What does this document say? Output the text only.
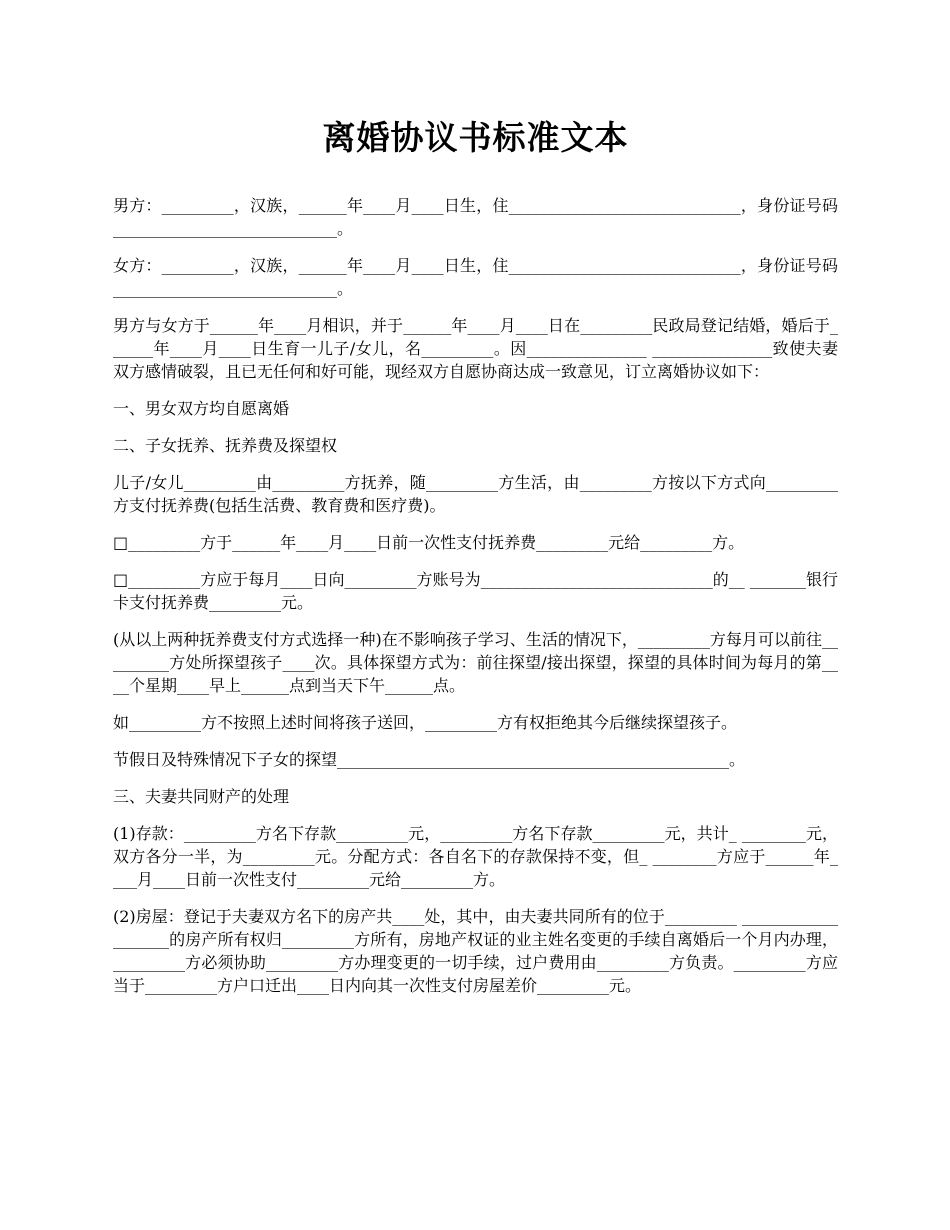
离婚协议书标准文本

男方：_________，汉族，______年____月____日生，住_____________________________，身份证号码____________________________。

女方：_________，汉族，______年____月____日生，住_____________________________，身份证号码____________________________。

男方与女方于______年____月相识，并于______年____月____日在_________民政局登记结婚，婚后于______年____月____日生育一儿子/女儿，名_________。因_______________ _______________致使夫妻双方感情破裂，且已无任何和好可能，现经双方自愿协商达成一致意见，订立离婚协议如下：

一、男女双方均自愿离婚

二、子女抚养、抚养费及探望权

儿子/女儿_________由_________方抚养，随_________方生活，由_________方按以下方式向_________方支付抚养费(包括生活费、教育费和医疗费)。

□_________方于______年____月____日前一次性支付抚养费_________元给_________方。

□_________方应于每月____日向_________方账号为_____________________________的__ _______银行卡支付抚养费_________元。

(从以上两种抚养费支付方式选择一种)在不影响孩子学习、生活的情况下，_________方每月可以前往_________方处所探望孩子____次。具体探望方式为：前往探望/接出探望，探望的具体时间为每月的第____个星期____早上______点到当天下午______点。

如_________方不按照上述时间将孩子送回，_________方有权拒绝其今后继续探望孩子。

节假日及特殊情况下子女的探望_________________________________________________。

三、夫妻共同财产的处理

(1)存款：_________方名下存款_________元，_________方名下存款_________元，共计_ ________元，双方各分一半，为_________元。分配方式：各自名下的存款保持不变，但_ ________方应于______年____月____日前一次性支付_________元给_________方。

(2)房屋：登记于夫妻双方名下的房产共____处，其中，由夫妻共同所有的位于_________ ___________________的房产所有权归_________方所有，房地产权证的业主姓名变更的手续自离婚后一个月内办理，_________方必须协助_________方办理变更的一切手续，过户费用由_________方负责。_________方应当于_________方户口迁出____日内向其一次性支付房屋差价_________元。
